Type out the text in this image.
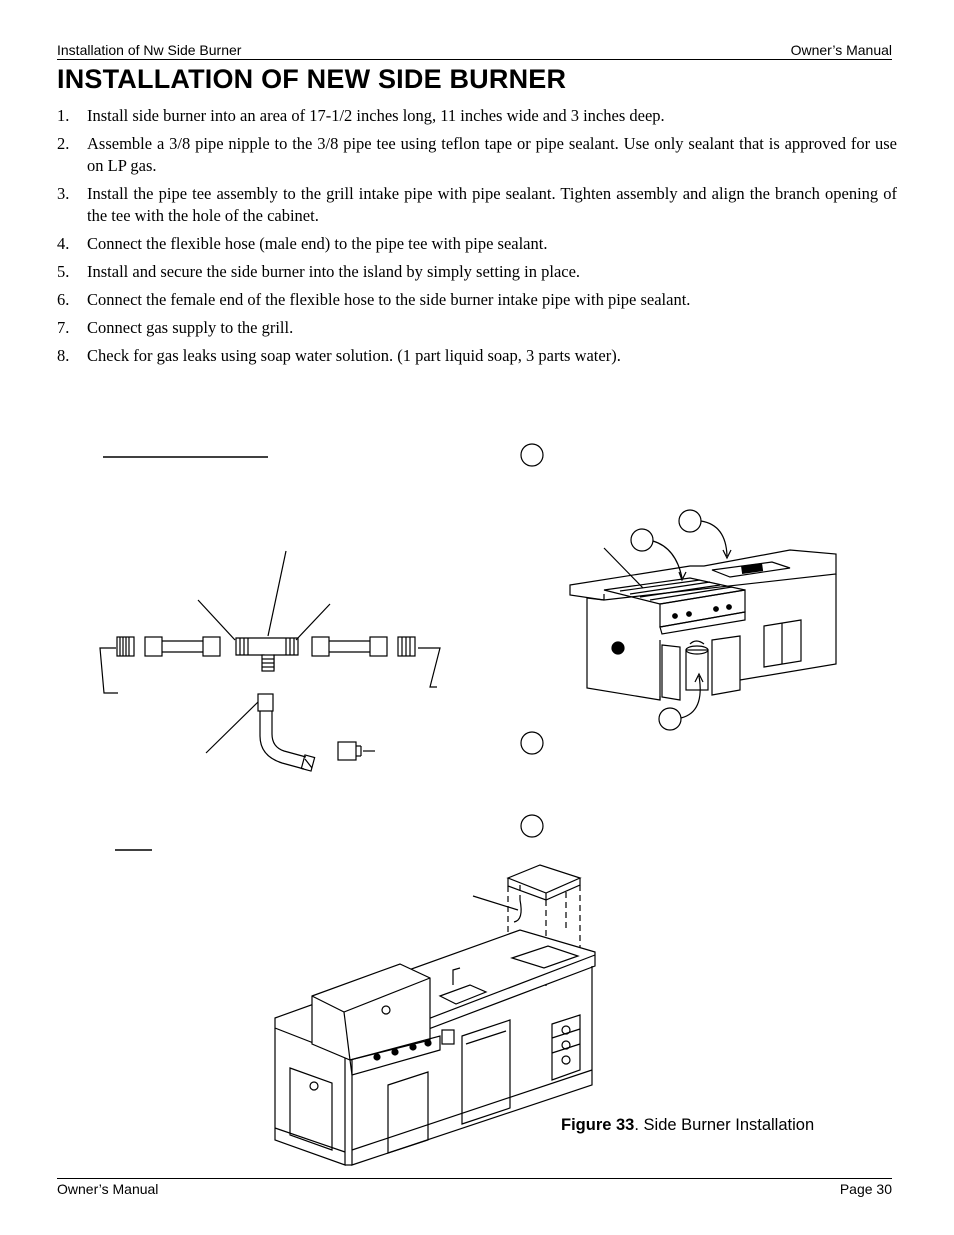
Installation of Nw Side Burner	Owner’s Manual
INSTALLATION OF NEW SIDE BURNER
1. Install side burner into an area of 17-1/2 inches long, 11 inches wide and 3 inches deep.
2. Assemble a 3/8 pipe nipple to the 3/8 pipe tee using teflon tape or pipe sealant. Use only sealant that is approved for use on LP gas.
3. Install the pipe tee assembly to the grill intake pipe with pipe sealant. Tighten assembly and align the branch opening of the tee with the hole of the cabinet.
4. Connect the flexible hose (male end) to the pipe tee with pipe sealant.
5. Install and secure the side burner into the island by simply setting in place.
6. Connect the female end of the flexible hose to the side burner intake pipe with pipe sealant.
7. Connect gas supply to the grill.
8. Check for gas leaks using soap water solution. (1 part liquid soap, 3 parts water).
Figure 33. Side Burner Installation
Owner’s Manual	Page 30
